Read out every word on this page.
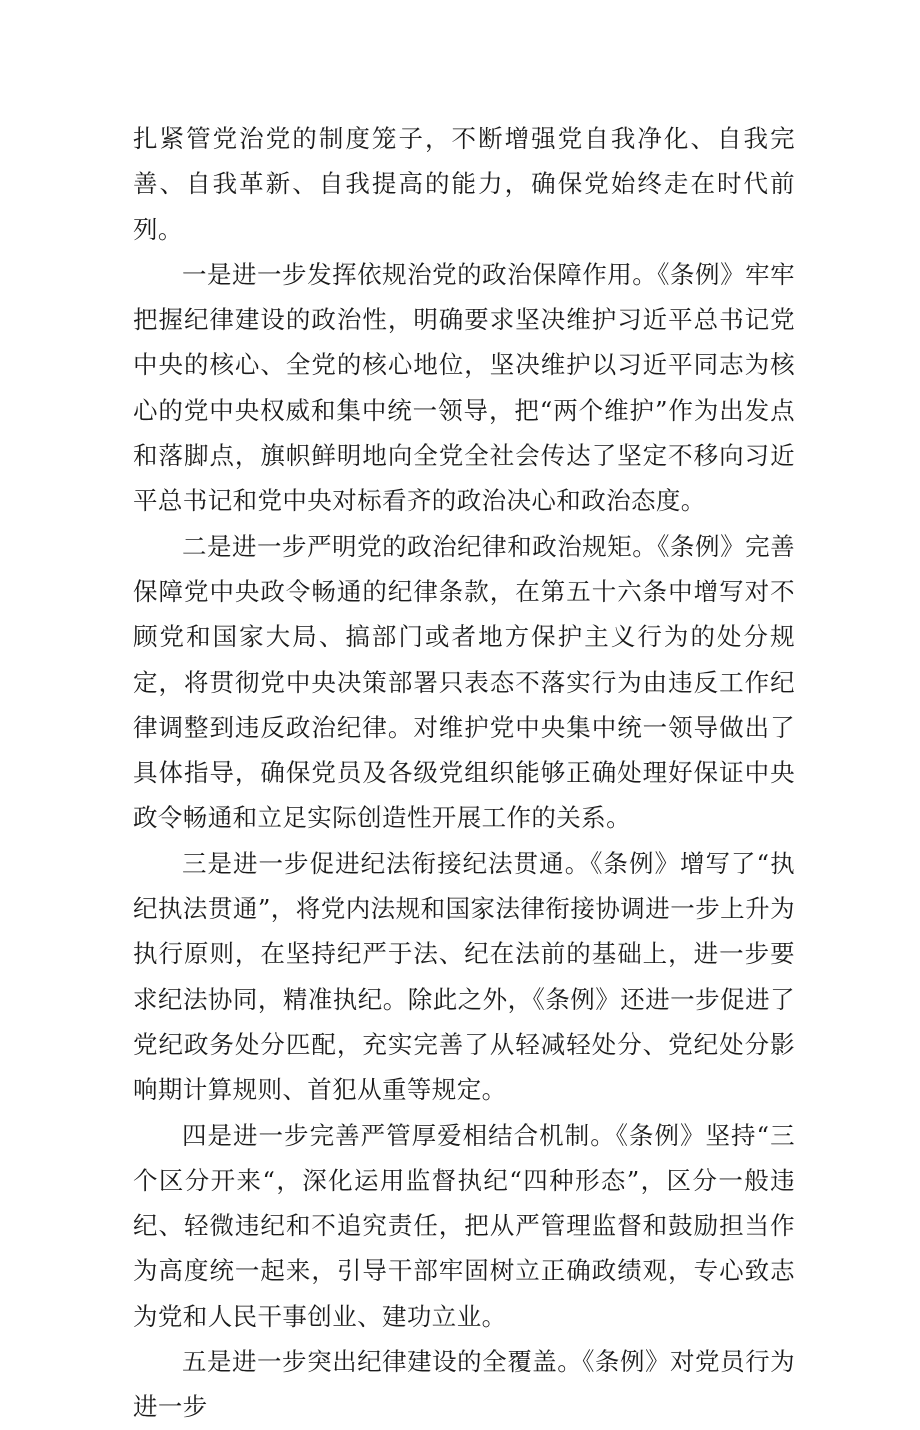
扎紧管党治党的制度笼子，不断增强党自我净化、自我完善、自我革新、自我提高的能力，确保党始终走在时代前列。

一是进一步发挥依规治党的政治保障作用。《条例》牢牢把握纪律建设的政治性，明确要求坚决维护习近平总书记党中央的核心、全党的核心地位，坚决维护以习近平同志为核心的党中央权威和集中统一领导，把“两个维护”作为出发点和落脚点，旗帜鲜明地向全党全社会传达了坚定不移向习近平总书记和党中央对标看齐的政治决心和政治态度。

二是进一步严明党的政治纪律和政治规矩。《条例》完善保障党中央政令畅通的纪律条款，在第五十六条中增写对不顾党和国家大局、搞部门或者地方保护主义行为的处分规定，将贯彻党中央决策部署只表态不落实行为由违反工作纪律调整到违反政治纪律。对维护党中央集中统一领导做出了具体指导，确保党员及各级党组织能够正确处理好保证中央政令畅通和立足实际创造性开展工作的关系。

三是进一步促进纪法衔接纪法贯通。《条例》增写了“执纪执法贯通”，将党内法规和国家法律衔接协调进一步上升为执行原则，在坚持纪严于法、纪在法前的基础上，进一步要求纪法协同，精准执纪。除此之外，《条例》还进一步促进了党纪政务处分匹配，充实完善了从轻减轻处分、党纪处分影响期计算规则、首犯从重等规定。

四是进一步完善严管厚爱相结合机制。《条例》坚持“三个区分开来“，深化运用监督执纪“四种形态”，区分一般违纪、轻微违纪和不追究责任，把从严管理监督和鼓励担当作为高度统一起来，引导干部牢固树立正确政绩观，专心致志为党和人民干事创业、建功立业。

五是进一步突出纪律建设的全覆盖。《条例》对党员行为进一步
